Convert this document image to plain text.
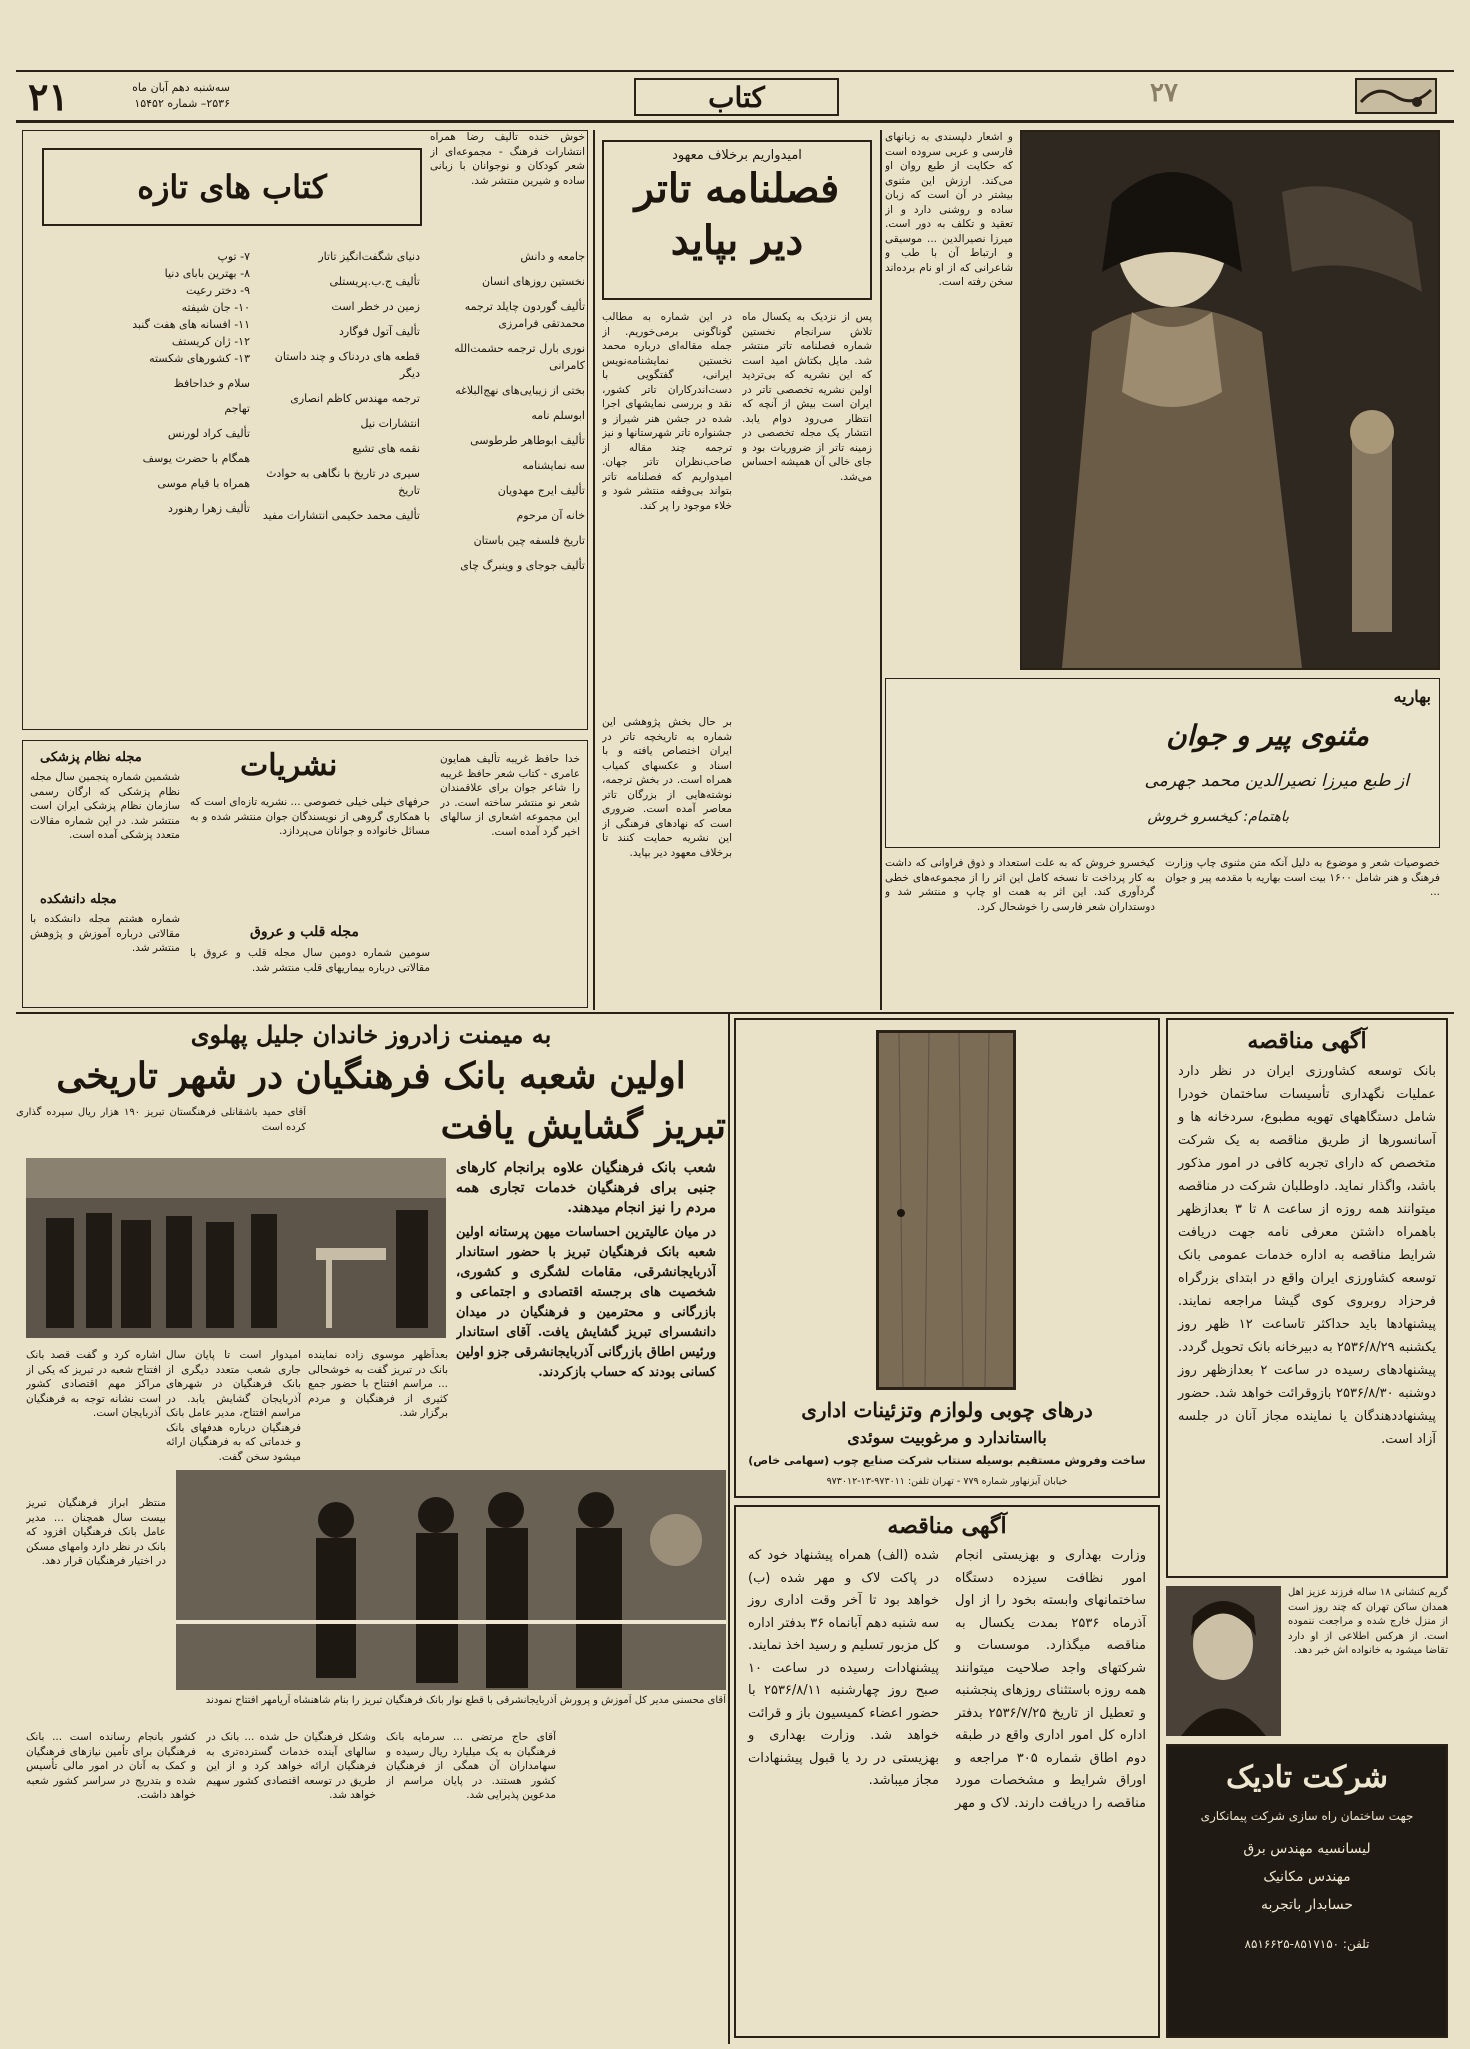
۲۷
کتاب
۲۱	سه‌شنبه دهم آبان ماه
۲۵۳۶– شماره ۱۵۴۵۲
و اشعار دلپسندی به زبانهای فارسی و عربی سروده است که حکایت از طبع روان او می‌کند. ارزش این مثنوی بیشتر در آن است که زبان ساده و روشنی دارد و از تعقید و تکلف به دور است. میرزا نصیرالدین ... موسیقی و ارتباط آن با طب و شاعرانی که از او نام برده‌اند سخن رفته است.
بهاریه
مثنوی پیر و جوان
از طبع میرزا نصیرالدین محمد جهرمی
باهتمام: کیخسرو خروش
کیخسرو خروش که به علت استعداد و ذوق فراوانی که داشت به کار پرداخت تا نسخه کامل این اثر را از مجموعه‌های خطی گردآوری کند. این اثر به همت او چاپ و منتشر شد و دوستداران شعر فارسی را خوشحال کرد.
خصوصیات شعر و موضوع به دلیل آنکه متن مثنوی چاپ وزارت فرهنگ و هنر شامل ۱۶۰۰ بیت است بهاریه با مقدمه پیر و جوان ...
امیدواریم برخلاف معهود
فصلنامه تاتر
دیر بپاید
پس از نزدیک به یکسال ماه تلاش سرانجام نخستین شماره فصلنامه تاتر منتشر شد. مایل بکتاش امید است که این نشریه که بی‌تردید اولین نشریه تخصصی تاتر در ایران است بیش از آنچه که انتظار می‌رود دوام یابد. انتشار یک مجله تخصصی در زمینه تاتر از ضروریات بود و جای خالی آن همیشه احساس می‌شد.
در این شماره به مطالب گوناگونی برمی‌خوریم. از جمله مقاله‌ای درباره محمد نخستین نمایشنامه‌نویس ایرانی، گفتگویی با دست‌اندرکاران تاتر کشور، نقد و بررسی نمایشهای اجرا شده در جشن هنر شیراز و جشنواره تاتر شهرستانها و نیز ترجمه چند مقاله از صاحب‌نظران تاتر جهان. امیدواریم که فصلنامه تاتر بتواند بی‌وقفه منتشر شود و خلاء موجود را پر کند.
بر حال بخش پژوهشی این شماره به تاریخچه تاتر در ایران اختصاص یافته و با اسناد و عکسهای کمیاب همراه است. در بخش ترجمه، نوشته‌هایی از بزرگان تاتر معاصر آمده است. ضروری است که نهادهای فرهنگی از این نشریه حمایت کنند تا برخلاف معهود دیر بپاید.
کتاب های تازه
خوش خنده تألیف رضا همراه انتشارات فرهنگ - مجموعه‌ای از شعر کودکان و نوجوانان با زبانی ساده و شیرین منتشر شد.
جامعه و دانش
نخستین روزهای انسان
تألیف گوردون چایلد ترجمه محمدتقی فرامرزی
نوری بارل ترجمه حشمت‌الله کامرانی
بختی از زیبایی‌های نهج‌البلاغه
ابوسلم نامه
تألیف ابوطاهر طرطوسی
سه نمایشنامه
تألیف ایرج مهدویان
خانه آن مرحوم
تاریخ فلسفه چین باستان
تألیف جوجای و وینبرگ چای
دنیای شگفت‌انگیز تاتار
تألیف ج.ب.پریستلی
زمین در خطر است
تألیف آتول فوگارد
قطعه های دردناک و چند داستان دیگر
ترجمه مهندس کاظم انصاری
انتشارات نیل
نقمه های تشیع
سیری در تاریخ با نگاهی به حوادث تاریخ
تألیف محمد حکیمی انتشارات مفید
۷- توپ
۸- بهترین بابای دنیا
۹- دختر رعیت
۱۰- جان شیفته
۱۱- افسانه های هفت گنبد
۱۲- ژان کریستف
۱۳- کشورهای شکسته
سلام و خداحافظ
تهاجم
تألیف کراد لورنس
همگام با حضرت یوسف
همراه با قیام موسی
تألیف زهرا رهنورد
نشریات	خدا حافظ غریبه تألیف همایون عامری - کتاب شعر حافظ غریبه را شاعر جوان برای علاقمندان شعر نو منتشر ساخته است. در این مجموعه اشعاری از سالهای اخیر گرد آمده است.
حرفهای خیلی خیلی خصوصی ... نشریه تازه‌ای است که با همکاری گروهی از نویسندگان جوان منتشر شده و به مسائل خانواده و جوانان می‌پردازد.
مجله قلب و عروق
سومین شماره دومین سال مجله قلب و عروق با مقالاتی درباره بیماریهای قلب منتشر شد.
مجله نظام پزشکی
ششمین شماره پنجمین سال مجله نظام پزشکی که ارگان رسمی سازمان نظام پزشکی ایران است منتشر شد. در این شماره مقالات متعدد پزشکی آمده است.
مجله دانشکده
شماره هشتم مجله دانشکده با مقالاتی درباره آموزش و پژوهش منتشر شد.
به میمنت زادروز خاندان جلیل پهلوی
اولین شعبه بانک فرهنگیان در شهر تاریخی
تبریز گشایش یافت
آقای حمید باشقانلی فرهنگستان تبریز ۱۹۰ هزار ریال سپرده گذاری کرده است
شعب بانک فرهنگیان علاوه برانجام کارهای جنبی برای فرهنگیان خدمات تجاری همه مردم را نیز انجام میدهند.
در میان عالیترین احساسات میهن پرستانه اولین شعبه بانک فرهنگیان تبریز با حضور استاندار آذربایجانشرقی، مقامات لشگری و کشوری، شخصیت های برجسته اقتصادی و اجتماعی و بازرگانی و محترمین و فرهنگیان در میدان دانشسرای تبریز گشایش یافت. آقای استاندار ورئیس اطاق بازرگانی آذربایجانشرقی جزو اولین کسانی بودند که حساب بازکردند.
امیدوار است تا پایان سال جاری شعب متعدد دیگری از بانک فرهنگیان در شهرهای آذربایجان گشایش یابد. در مراسم افتتاح، مدیر عامل بانک فرهنگیان درباره هدفهای بانک و خدماتی که به فرهنگیان ارائه میشود سخن گفت.
اشاره کرد و گفت قصد بانک افتتاح شعبه در تبریز که یکی از مراکز مهم اقتصادی کشور است نشانه توجه به فرهنگیان آذربایجان است.
بعداًظهر موسوی زاده نماینده بانک در تبریز گفت به خوشحالی ... مراسم افتتاح با حضور جمع کثیری از فرهنگیان و مردم برگزار شد.
منتظر ابراز فرهنگیان تبریز بیست سال همچنان ... مدیر عامل بانک فرهنگیان افزود که بانک در نظر دارد وامهای مسکن در اختیار فرهنگیان قرار دهد.
آقای محسنی مدیر کل آموزش و پرورش آذربایجانشرقی با قطع نوار بانک فرهنگیان تبریز را بنام شاهنشاه آریامهر افتتاح نمودند
کشور بانجام رسانده است ... بانک فرهنگیان برای تأمین نیازهای فرهنگیان و کمک به آنان در امور مالی تأسیس شده و بتدریج در سراسر کشور شعبه خواهد داشت.
وشکل فرهنگیان حل شده ... بانک در سالهای آینده خدمات گسترده‌تری به فرهنگیان ارائه خواهد کرد و از این طریق در توسعه اقتصادی کشور سهیم خواهد شد.
آقای حاج مرتضی ... سرمایه بانک فرهنگیان به یک میلیارد ریال رسیده و سهامداران آن همگی از فرهنگیان کشور هستند. در پایان مراسم از مدعوین پذیرایی شد.
درهای چوبی ولوازم وتزئینات اداری
بااستاندارد و مرغوبیت سوئدی
ساخت وفروش مستقیم بوسیله سنتاب شرکت صنایع چوب (سهامی خاص)
خیابان آیزنهاور شماره ۷۷۹ - تهران تلفن: ۹۷۳۰۱۱-۱۳-۹۷۳۰۱۲
آگهی مناقصه
بانک توسعه کشاورزی ایران در نظر دارد عملیات نگهداری تأسیسات ساختمان خودرا شامل دستگاههای تهویه مطبوع، سردخانه ها و آسانسورها از طریق مناقصه به یک شرکت متخصص که دارای تجربه کافی در امور مذکور باشد، واگذار نماید. داوطلبان شرکت در مناقصه میتوانند همه روزه از ساعت ۸ تا ۳ بعدازظهر باهمراه داشتن معرفی نامه جهت دریافت شرایط مناقصه به اداره خدمات عمومی بانک توسعه کشاورزی ایران واقع در ابتدای بزرگراه فرحزاد روبروی کوی گیشا مراجعه نمایند. پیشنهادها باید حداکثر تاساعت ۱۲ ظهر روز یکشنبه ۲۵۳۶/۸/۲۹ به دبیرخانه بانک تحویل گردد. پیشنهادهای رسیده در ساعت ۲ بعدازظهر روز دوشنبه ۲۵۳۶/۸/۳۰ بازوقرائت خواهد شد. حضور پیشنهاددهندگان یا نماینده مجاز آنان در جلسه آزاد است.
آگهی مناقصه
وزارت بهداری و بهزیستی انجام امور نظافت سیزده دستگاه ساختمانهای وابسته بخود را از اول آذرماه ۲۵۳۶ بمدت یکسال به مناقصه میگذارد. موسسات و شرکتهای واجد صلاحیت میتوانند همه روزه باستثنای روزهای پنجشنبه و تعطیل از تاریخ ۲۵۳۶/۷/۲۵ بدفتر اداره کل امور اداری واقع در طبقه دوم اطاق شماره ۳۰۵ مراجعه و اوراق شرایط و مشخصات مورد مناقصه را دریافت دارند. لاک و مهر شده (الف) همراه پیشنهاد خود که در پاکت لاک و مهر شده (ب) خواهد بود تا آخر وقت اداری روز سه شنبه دهم آبانماه ۳۶ بدفتر اداره کل مزبور تسلیم و رسید اخذ نمایند. پیشنهادات رسیده در ساعت ۱۰ صبح روز چهارشنبه ۲۵۳۶/۸/۱۱ با حضور اعضاء کمیسیون باز و قرائت خواهد شد. وزارت بهداری و بهزیستی در رد یا قبول پیشنهادات مجاز میباشد.
گریم کنشانی ۱۸ ساله فرزند عزیز اهل همدان ساکن تهران که چند روز است از منزل خارج شده و مراجعت ننموده است. از هرکس اطلاعی از او دارد تقاضا میشود به خانواده اش خبر دهد.
شرکت تادیک
جهت ساختمان راه سازی شرکت پیمانکاری
لیسانسیه مهندس برق
مهندس مکانیک
حسابدار باتجربه
تلفن: ۸۵۱۷۱۵۰-۸۵۱۶۶۲۵
